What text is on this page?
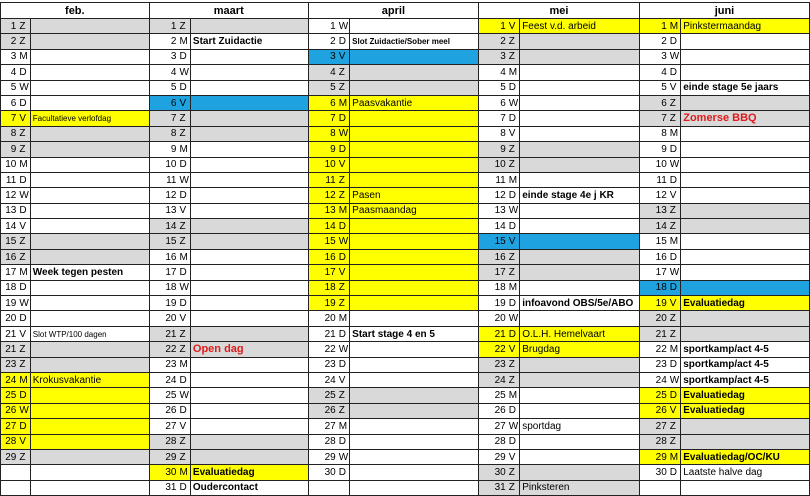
feb.			maart			april			mei			juni		
1	Z		1	Z		1	W		1	V	Feest v.d. arbeid	1	M	Pinkstermaandag
2	Z		2	M	Start Zuidactie	2	D	Slot Zuidactie/Sober meel	2	Z		2	D	
3	M		3	D		3	V		3	Z		3	W	
4	D		4	W		4	Z		4	M		4	D	
5	W		5	D		5	Z		5	D		5	V	einde stage 5e jaars
6	D		6	V		6	M	Paasvakantie	6	W		6	Z	
7	V	Facultatieve verlofdag	7	Z		7	D		7	D		7	Z	Zomerse BBQ
8	Z		8	Z		8	W		8	V		8	M	
9	Z		9	M		9	D		9	Z		9	D	
10	M		10	D		10	V		10	Z		10	W	
11	D		11	W		11	Z		11	M		11	D	
12	W		12	D		12	Z	Pasen	12	D	einde stage 4e j KR	12	V	
13	D		13	V		13	M	Paasmaandag	13	W		13	Z	
14	V		14	Z		14	D		14	D		14	Z	
15	Z		15	Z		15	W		15	V		15	M	
16	Z		16	M		16	D		16	Z		16	D	
17	M	Week tegen pesten	17	D		17	V		17	Z		17	W	
18	D		18	W		18	Z		18	M		18	D	
19	W		19	D		19	Z		19	D	infoavond OBS/5e/ABO	19	V	Evaluatiedag
20	D		20	V		20	M		20	W		20	Z	
21	V	Slot WTP/100 dagen	21	Z		21	D	Start stage 4 en 5	21	D	O.L.H. Hemelvaart	21	Z	
21	Z		22	Z	Open dag	22	W		22	V	Brugdag	22	M	sportkamp/act 4-5
23	Z		23	M		23	D		23	Z		23	D	sportkamp/act 4-5
24	M	Krokusvakantie	24	D		24	V		24	Z		24	W	sportkamp/act 4-5
25	D		25	W		25	Z		25	M		25	D	Evaluatiedag
26	W		26	D		26	Z		26	D		26	V	Evaluatiedag
27	D		27	V		27	M		27	W	sportdag	27	Z	
28	V		28	Z		28	D		28	D		28	Z	
29	Z		29	Z		29	W		29	V		29	M	Evaluatiedag/OC/KU
			30	M	Evaluatiedag	30	D		30	Z		30	D	Laatste halve dag
			31	D	Oudercontact				31	Z	Pinksteren			
